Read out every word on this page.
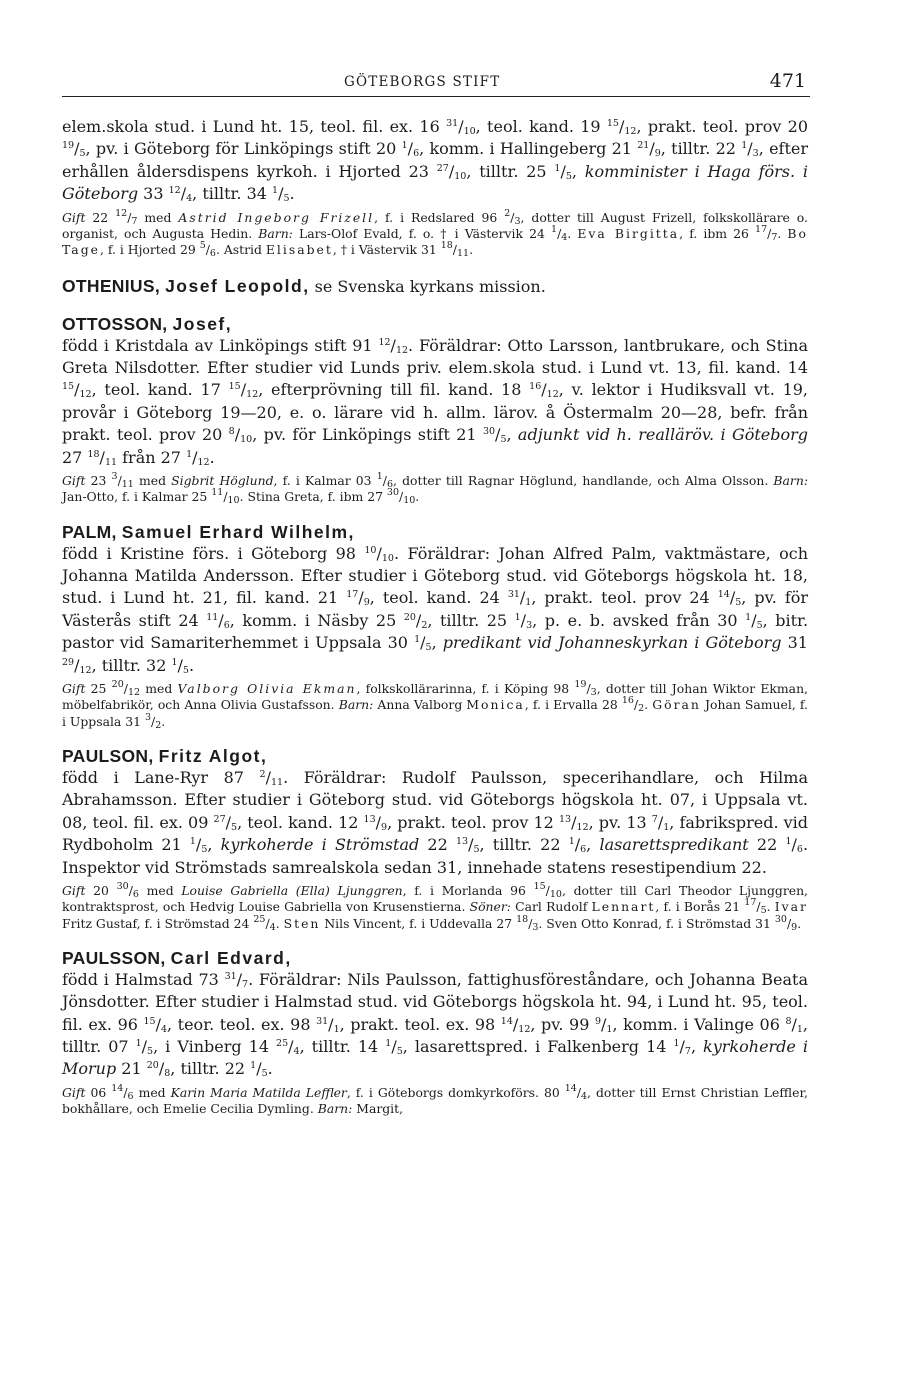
GÖTEBORGS STIFT	471

elem.skola stud. i Lund ht. 15, teol. fil. ex. 16 $^{31}/_{10}$, teol. kand. 19 $^{15}/_{12}$, prakt. teol. prov 20 $^{19}/_5$, pv. i Göteborg för Linköpings stift 20 $^1/_6$, komm. i Hallingeberg 21 $^{21}/_9$, tilltr. 22 $^1/_3$, efter erhållen åldersdispens kyrkoh. i Hjorted 23 $^{27}/_{10}$, tilltr. 25 $^1/_5$, komminister i Haga förs. i Göteborg 33 $^{12}/_4$, tilltr. 34 $^1/_5$.

Gift 22 $^{12}/_7$ med Astrid Ingeborg Frizell, f. i Redslared 96 $^2/_3$, dotter till August Frizell, folkskollärare o. organist, och Augusta Hedin. Barn: Lars-Olof Evald, f. o. † i Västervik 24 $^1/_4$. Eva Birgitta, f. ibm 26 $^{17}/_7$. Bo Tage, f. i Hjorted 29 $^5/_6$. Astrid Elisabet, † i Västervik 31 $^{18}/_{11}$.

OTHENIUS, Josef Leopold, se Svenska kyrkans mission.

OTTOSSON, Josef,

född i Kristdala av Linköpings stift 91 $^{12}/_{12}$. Föräldrar: Otto Larsson, lantbrukare, och Stina Greta Nilsdotter. Efter studier vid Lunds priv. elem.skola stud. i Lund vt. 13, fil. kand. 14 $^{15}/_{12}$, teol. kand. 17 $^{15}/_{12}$, efterprövning till fil. kand. 18 $^{16}/_{12}$, v. lektor i Hudiksvall vt. 19, provår i Göteborg 19—20, e. o. lärare vid h. allm. lärov. å Östermalm 20—28, befr. från prakt. teol. prov 20 $^8/_{10}$, pv. för Linköpings stift 21 $^{30}/_5$, adjunkt vid h. realläröv. i Göteborg 27 $^{18}/_{11}$ från 27 $^1/_{12}$.

Gift 23 $^3/_{11}$ med Sigbrit Höglund, f. i Kalmar 03 $^1/_6$, dotter till Ragnar Höglund, handlande, och Alma Olsson. Barn: Jan-Otto, f. i Kalmar 25 $^{11}/_{10}$. Stina Greta, f. ibm 27 $^{30}/_{10}$.

PALM, Samuel Erhard Wilhelm,

född i Kristine förs. i Göteborg 98 $^{10}/_{10}$. Föräldrar: Johan Alfred Palm, vaktmästare, och Johanna Matilda Andersson. Efter studier i Göteborg stud. vid Göteborgs högskola ht. 18, stud. i Lund ht. 21, fil. kand. 21 $^{17}/_9$, teol. kand. 24 $^{31}/_1$, prakt. teol. prov 24 $^{14}/_5$, pv. för Västerås stift 24 $^{11}/_6$, komm. i Näsby 25 $^{20}/_2$, tilltr. 25 $^1/_3$, p. e. b. avsked från 30 $^1/_5$, bitr. pastor vid Samariterhemmet i Uppsala 30 $^1/_5$, predikant vid Johanneskyrkan i Göteborg 31 $^{29}/_{12}$, tilltr. 32 $^1/_5$.

Gift 25 $^{20}/_{12}$ med Valborg Olivia Ekman, folkskollärarinna, f. i Köping 98 $^{19}/_3$, dotter till Johan Wiktor Ekman, möbelfabrikör, och Anna Olivia Gustafsson. Barn: Anna Valborg Monica, f. i Ervalla 28 $^{16}/_2$. Göran Johan Samuel, f. i Uppsala 31 $^3/_2$.

PAULSON, Fritz Algot,

född i Lane-Ryr 87 $^2/_{11}$. Föräldrar: Rudolf Paulsson, specerihandlare, och Hilma Abrahamsson. Efter studier i Göteborg stud. vid Göteborgs högskola ht. 07, i Uppsala vt. 08, teol. fil. ex. 09 $^{27}/_5$, teol. kand. 12 $^{13}/_9$, prakt. teol. prov 12 $^{13}/_{12}$, pv. 13 $^7/_1$, fabrikspred. vid Rydboholm 21 $^1/_5$, kyrkoherde i Strömstad 22 $^{13}/_5$, tilltr. 22 $^1/_6$, lasarettspredikant 22 $^1/_6$. Inspektor vid Strömstads samrealskola sedan 31, innehade statens resestipendium 22.

Gift 20 $^{30}/_6$ med Louise Gabriella (Ella) Ljunggren, f. i Morlanda 96 $^{15}/_{10}$, dotter till Carl Theodor Ljunggren, kontraktsprost, och Hedvig Louise Gabriella von Krusenstierna. Söner: Carl Rudolf Lennart, f. i Borås 21 $^{17}/_5$. Ivar Fritz Gustaf, f. i Strömstad 24 $^{25}/_4$. Sten Nils Vincent, f. i Uddevalla 27 $^{18}/_3$. Sven Otto Konrad, f. i Strömstad 31 $^{30}/_9$.

PAULSSON, Carl Edvard,

född i Halmstad 73 $^{31}/_7$. Föräldrar: Nils Paulsson, fattighusföreståndare, och Johanna Beata Jönsdotter. Efter studier i Halmstad stud. vid Göteborgs högskola ht. 94, i Lund ht. 95, teol. fil. ex. 96 $^{15}/_4$, teor. teol. ex. 98 $^{31}/_1$, prakt. teol. ex. 98 $^{14}/_{12}$, pv. 99 $^9/_1$, komm. i Valinge 06 $^8/_1$, tilltr. 07 $^1/_5$, i Vinberg 14 $^{25}/_4$, tilltr. 14 $^1/_5$, lasarettspred. i Falkenberg 14 $^1/_7$, kyrkoherde i Morup 21 $^{20}/_8$, tilltr. 22 $^1/_5$.

Gift 06 $^{14}/_6$ med Karin Maria Matilda Leffler, f. i Göteborgs domkyrkoförs. 80 $^{14}/_4$, dotter till Ernst Christian Leffler, bokhållare, och Emelie Cecilia Dymling. Barn: Margit,
